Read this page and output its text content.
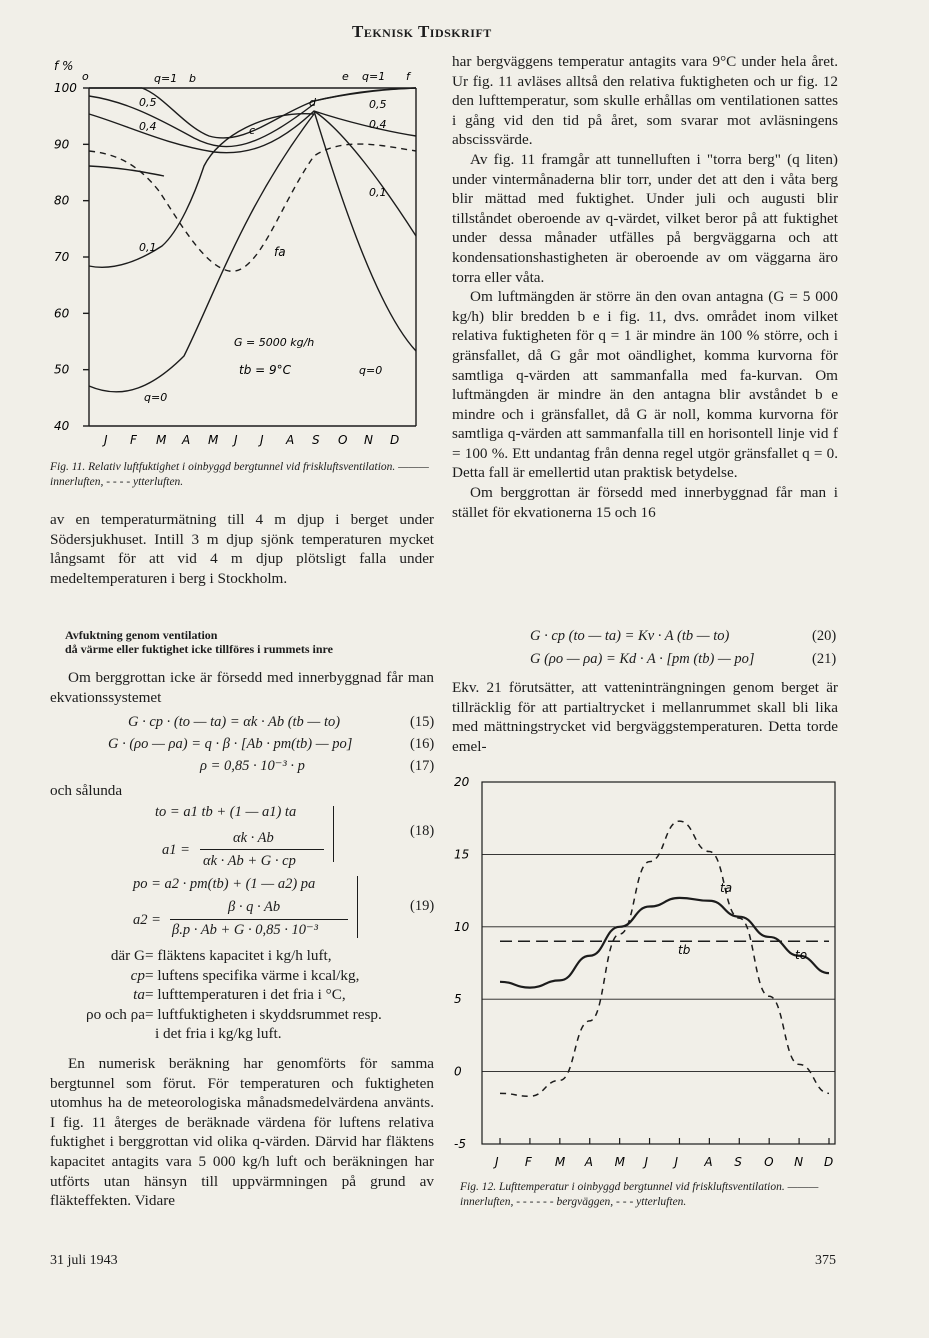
Teknisk Tidskrift
f %
100
90
80
70
60
50
40
J F M A M J J A S O N D
o	q=1 b	e q=1 f
0,5
0,4	c
d	0,5
0,4
0,1
0,1	fa
G = 5000 kg/h
tb = 9°C
q=0
q=0
Fig. 11. Relativ luftfuktighet i oinbyggd bergtunnel vid friskluftsventilation. ——— innerluften, - - - - ytterluften.

av en temperaturmätning till 4 m djup i berget under Södersjukhuset. Intill 3 m djup sjönk temperaturen mycket långsamt för att vid 4 m djup plötsligt falla under medeltemperaturen i berg i Stockholm.

Avfuktning genom ventilation
då värme eller fuktighet icke tillföres i rummets inre

Om berggrottan icke är försedd med innerbyggnad får man ekvationssystemet

G · cp · (to — ta) = αk · Ab (tb — to)	(15)
G · (ρo — ρa) = q · β · [Ab · pm(tb) — po]	(16)
ρ = 0,85 · 10⁻³ · p	(17)
och sålunda
to = a1 tb + (1 — a1) ta
a1 =
αk · Ab
αk · Ab + G · cp
(18)
po = a2 · pm(tb) + (1 — a2) pa
a2 =
β · q · Ab
β.p · Ab + G · 0,85 · 10⁻³
(19)
där G = fläktens kapacitet i kg/h luft,
cp = luftens specifika värme i kcal/kg,
ta = lufttemperaturen i det fria i °C,
ρo och ρa = luftfuktigheten i skyddsrummet resp.
i det fria i kg/kg luft.

En numerisk beräkning har genomförts för samma bergtunnel som förut. För temperaturen och fuktigheten utomhus ha de meteorologiska månadsmedelvärdena använts. I fig. 11 återges de beräknade värdena för luftens relativa fuktighet i berggrottan vid olika q-värden. Därvid har fläktens kapacitet antagits vara 5 000 kg/h luft och beräkningen har utförts utan hänsyn till uppvärmningen på grund av fläkteffekten. Vidare

har bergväggens temperatur antagits vara 9°C under hela året. Ur fig. 11 avläses alltså den relativa fuktigheten och ur fig. 12 den lufttemperatur, som skulle erhållas om ventilationen sattes i gång vid den tid på året, som svarar mot avläsningens abscissvärde.

Av fig. 11 framgår att tunnelluften i "torra berg" (q liten) under vintermånaderna blir torr, under det att den i våta berg blir mättad med fuktighet. Under juli och augusti blir tillståndet oberoende av q-värdet, vilket beror på att fuktighet under dessa månader utfälles på bergväggarna och att kondensationshastigheten är oberoende av om väggarna äro torra eller våta.

Om luftmängden är större än den ovan antagna (G = 5 000 kg/h) blir bredden b e i fig. 11, dvs. området inom vilket relativa fuktigheten för q = 1 är mindre än 100 % större, och i gränsfallet, då G går mot oändlighet, komma kurvorna för samtliga q-värden att sammanfalla med fa-kurvan. Om luftmängden är mindre än den antagna blir avståndet b e mindre och i gränsfallet, då G är noll, komma kurvorna för samtliga q-värden att sammanfalla till en horisontell linje vid f = 100 %. Ett undantag från denna regel utgör gränsfallet q = 0. Detta fall är emellertid utan praktisk betydelse.

Om berggrottan är försedd med innerbyggnad får man i stället för ekvationerna 15 och 16

G · cp (to — ta) = Kv · A (tb — to)	(20)
G (ρo — ρa) = Kd · A · [pm (tb) — po]	(21)

Ekv. 21 förutsätter, att vatteninträngningen genom berget är tillräcklig för att partialtrycket i mellanrummet skall bli lika med mättningstrycket vid bergväggstemperaturen. Detta torde emel-

20
15
10
5
0
-5
J F M A M J J A S O N D
ta
tb	to
Fig. 12. Lufttemperatur i oinbyggd bergtunnel vid friskluftsventilation. ——— innerluften, - - - - - - bergväggen, - - - ytterluften.
31 juli 1943	375
